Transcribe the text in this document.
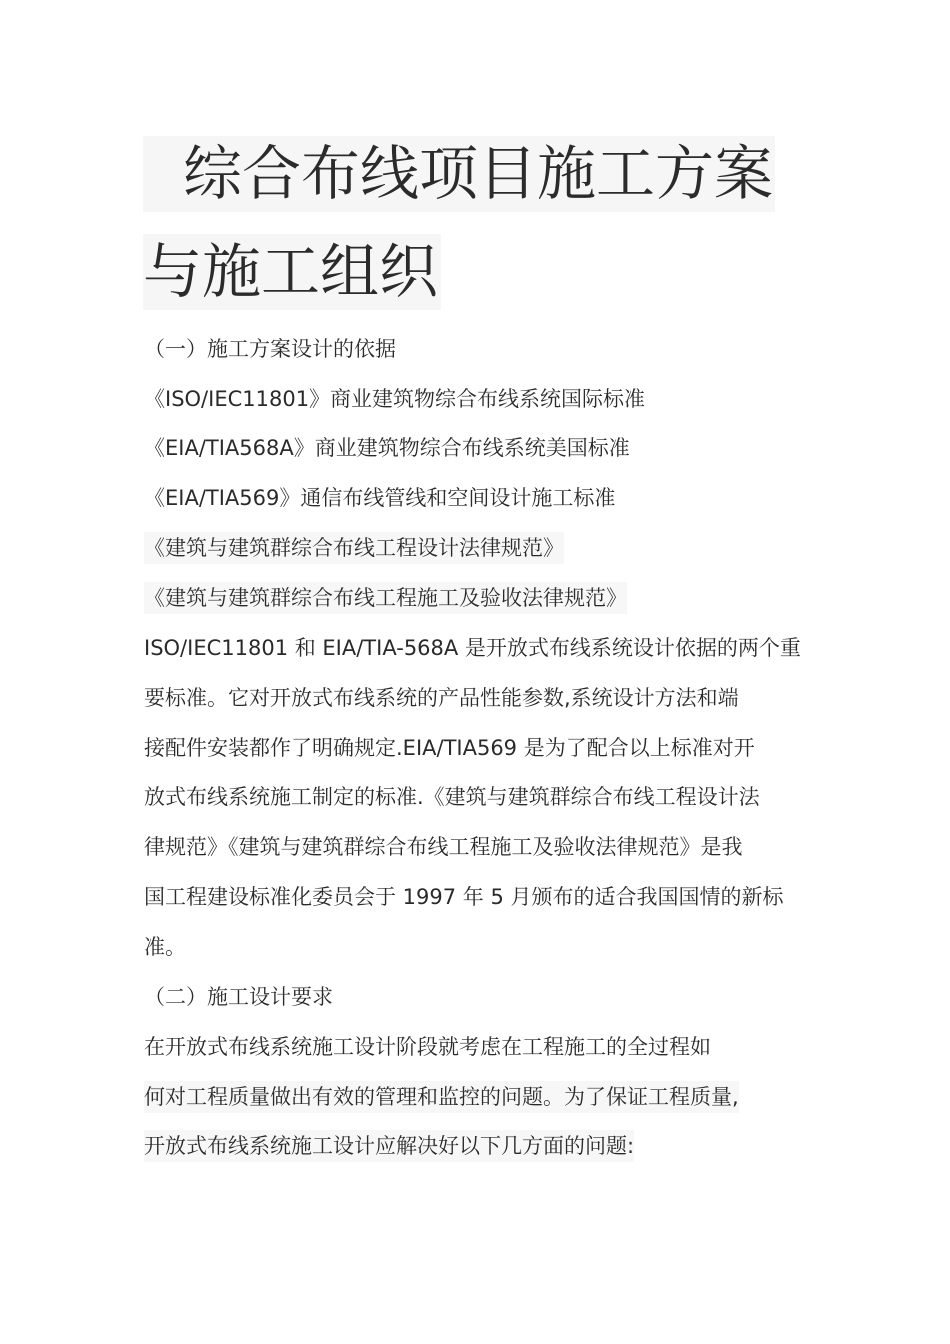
综合布线项目施工方案
与施工组织
（一）施工方案设计的依据
《ISO/IEC11801》商业建筑物综合布线系统国际标准
《EIA/TIA568A》商业建筑物综合布线系统美国标准
《EIA/TIA569》通信布线管线和空间设计施工标准
《建筑与建筑群综合布线工程设计法律规范》
《建筑与建筑群综合布线工程施工及验收法律规范》
ISO/IEC11801 和 EIA/TIA-568A 是开放式布线系统设计依据的两个重
要标准。它对开放式布线系统的产品性能参数,系统设计方法和端
接配件安装都作了明确规定.EIA/TIA569 是为了配合以上标准对开
放式布线系统施工制定的标准.《建筑与建筑群综合布线工程设计法
律规范》《建筑与建筑群综合布线工程施工及验收法律规范》是我
国工程建设标准化委员会于 1997 年 5 月颁布的适合我国国情的新标
准。
（二）施工设计要求
在开放式布线系统施工设计阶段就考虑在工程施工的全过程如
何对工程质量做出有效的管理和监控的问题。为了保证工程质量,
开放式布线系统施工设计应解决好以下几方面的问题:
